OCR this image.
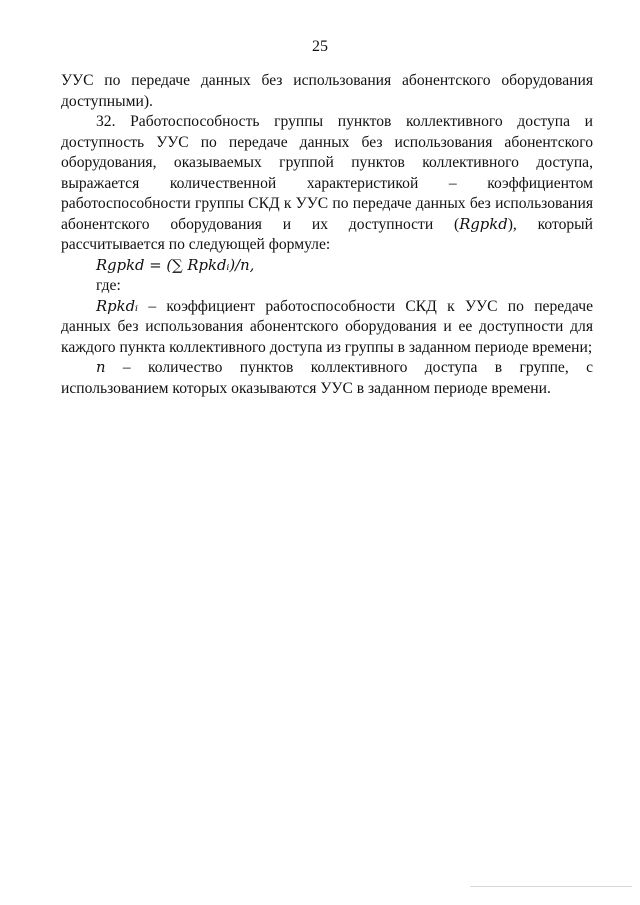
25

УУС по передаче данных без использования абонентского оборудования доступными).

32. Работоспособность группы пунктов коллективного доступа и доступность УУС по передаче данных без использования абонентского оборудования, оказываемых группой пунктов коллективного доступа, выражается количественной характеристикой – коэффициентом работоспособности группы СКД к УУС по передаче данных без использования абонентского оборудования и их доступности (Rgpkd), который рассчитывается по следующей формуле:

Rgpkd = (∑ Rpkdᵢ)/n,

где:

Rpkdᵢ – коэффициент работоспособности СКД к УУС по передаче данных без использования абонентского оборудования и ее доступности для каждого пункта коллективного доступа из группы в заданном периоде времени;

n – количество пунктов коллективного доступа в группе, с использованием которых оказываются УУС в заданном периоде времени.
